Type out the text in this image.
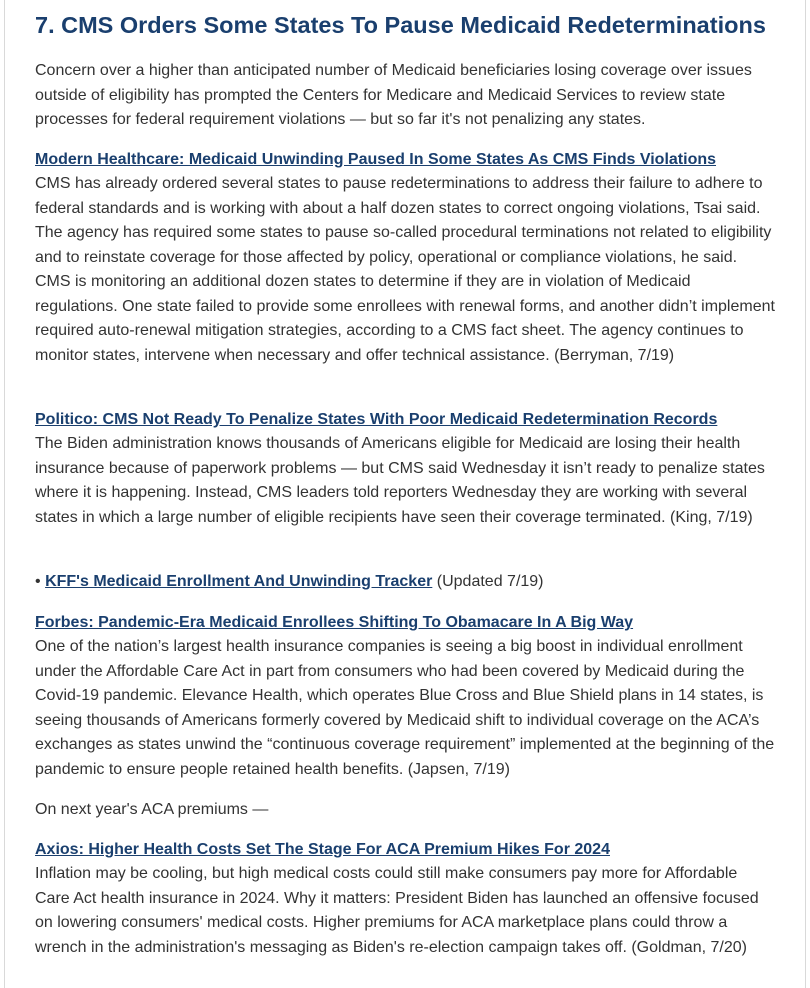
7. CMS Orders Some States To Pause Medicaid Redeterminations

Concern over a higher than anticipated number of Medicaid beneficiaries losing coverage over issues outside of eligibility has prompted the Centers for Medicare and Medicaid Services to review state processes for federal requirement violations — but so far it's not penalizing any states.

Modern Healthcare: Medicaid Unwinding Paused In Some States As CMS Finds Violations

CMS has already ordered several states to pause redeterminations to address their failure to adhere to federal standards and is working with about a half dozen states to correct ongoing violations, Tsai said. The agency has required some states to pause so-called procedural terminations not related to eligibility and to reinstate coverage for those affected by policy, operational or compliance violations, he said. CMS is monitoring an additional dozen states to determine if they are in violation of Medicaid regulations. One state failed to provide some enrollees with renewal forms, and another didn’t implement required auto-renewal mitigation strategies, according to a CMS fact sheet. The agency continues to monitor states, intervene when necessary and offer technical assistance. (Berryman, 7/19)

Politico: CMS Not Ready To Penalize States With Poor Medicaid Redetermination Records

The Biden administration knows thousands of Americans eligible for Medicaid are losing their health insurance because of paperwork problems — but CMS said Wednesday it isn’t ready to penalize states where it is happening. Instead, CMS leaders told reporters Wednesday they are working with several states in which a large number of eligible recipients have seen their coverage terminated. (King, 7/19)

• KFF's Medicaid Enrollment And Unwinding Tracker (Updated 7/19)
Forbes: Pandemic-Era Medicaid Enrollees Shifting To Obamacare In A Big Way

One of the nation’s largest health insurance companies is seeing a big boost in individual enrollment under the Affordable Care Act in part from consumers who had been covered by Medicaid during the Covid-19 pandemic. Elevance Health, which operates Blue Cross and Blue Shield plans in 14 states, is seeing thousands of Americans formerly covered by Medicaid shift to individual coverage on the ACA’s exchanges as states unwind the “continuous coverage requirement” implemented at the beginning of the pandemic to ensure people retained health benefits. (Japsen, 7/19)

On next year's ACA premiums —

Axios: Higher Health Costs Set The Stage For ACA Premium Hikes For 2024

Inflation may be cooling, but high medical costs could still make consumers pay more for Affordable Care Act health insurance in 2024. Why it matters: President Biden has launched an offensive focused on lowering consumers' medical costs. Higher premiums for ACA marketplace plans could throw a wrench in the administration's messaging as Biden's re-election campaign takes off. (Goldman, 7/20)
